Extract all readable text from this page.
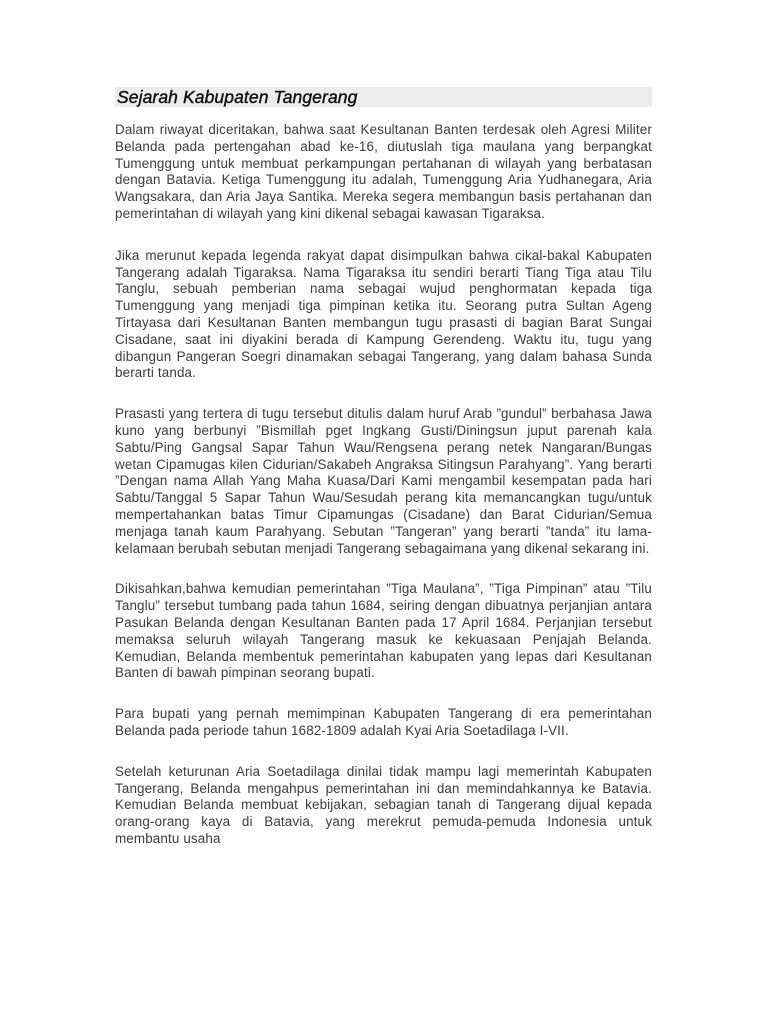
Sejarah Kabupaten Tangerang

Dalam riwayat diceritakan, bahwa saat Kesultanan Banten terdesak oleh Agresi Militer Belanda pada pertengahan abad ke-16, diutuslah tiga maulana yang berpangkat Tumenggung untuk membuat perkampungan pertahanan di wilayah yang berbatasan dengan Batavia. Ketiga Tumenggung itu adalah, Tumenggung Aria Yudhanegara, Aria Wangsakara, dan Aria Jaya Santika. Mereka segera membangun basis pertahanan dan pemerintahan di wilayah yang kini dikenal sebagai kawasan Tigaraksa.

Jika merunut kepada legenda rakyat dapat disimpulkan bahwa cikal-bakal Kabupaten Tangerang adalah Tigaraksa. Nama Tigaraksa itu sendiri berarti Tiang Tiga atau Tilu Tanglu, sebuah pemberian nama sebagai wujud penghormatan kepada tiga Tumenggung yang menjadi tiga pimpinan ketika itu. Seorang putra Sultan Ageng Tirtayasa dari Kesultanan Banten membangun tugu prasasti di bagian Barat Sungai Cisadane, saat ini diyakini berada di Kampung Gerendeng. Waktu itu, tugu yang dibangun Pangeran Soegri dinamakan sebagai Tangerang, yang dalam bahasa Sunda berarti tanda.

Prasasti yang tertera di tugu tersebut ditulis dalam huruf Arab ”gundul” berbahasa Jawa kuno yang berbunyi ”Bismillah pget Ingkang Gusti/Diningsun juput parenah kala Sabtu/Ping Gangsal Sapar Tahun Wau/Rengsena perang netek Nangaran/Bungas wetan Cipamugas kilen Cidurian/Sakabeh Angraksa Sitingsun Parahyang”. Yang berarti ”Dengan nama Allah Yang Maha Kuasa/Dari Kami mengambil kesempatan pada hari Sabtu/Tanggal 5 Sapar Tahun Wau/Sesudah perang kita memancangkan tugu/untuk mempertahankan batas Timur Cipamungas (Cisadane) dan Barat Cidurian/Semua menjaga tanah kaum Parahyang. Sebutan ”Tangeran” yang berarti ”tanda” itu lama-kelamaan berubah sebutan menjadi Tangerang sebagaimana yang dikenal sekarang ini.

Dikisahkan,bahwa kemudian pemerintahan ”Tiga Maulana”, ”Tiga Pimpinan” atau ”Tilu Tanglu” tersebut tumbang pada tahun 1684, seiring dengan dibuatnya perjanjian antara Pasukan Belanda dengan Kesultanan Banten pada 17 April 1684. Perjanjian tersebut memaksa seluruh wilayah Tangerang masuk ke kekuasaan Penjajah Belanda. Kemudian, Belanda membentuk pemerintahan kabupaten yang lepas dari Kesultanan Banten di bawah pimpinan seorang bupati.

Para bupati yang pernah memimpinan Kabupaten Tangerang di era pemerintahan Belanda pada periode tahun 1682-1809 adalah Kyai Aria Soetadilaga I-VII.

Setelah keturunan Aria Soetadilaga dinilai tidak mampu lagi memerintah Kabupaten Tangerang, Belanda mengahpus pemerintahan ini dan memindahkannya ke Batavia. Kemudian Belanda membuat kebijakan, sebagian tanah di Tangerang dijual kepada orang-orang kaya di Batavia, yang merekrut pemuda-pemuda Indonesia untuk membantu usaha
